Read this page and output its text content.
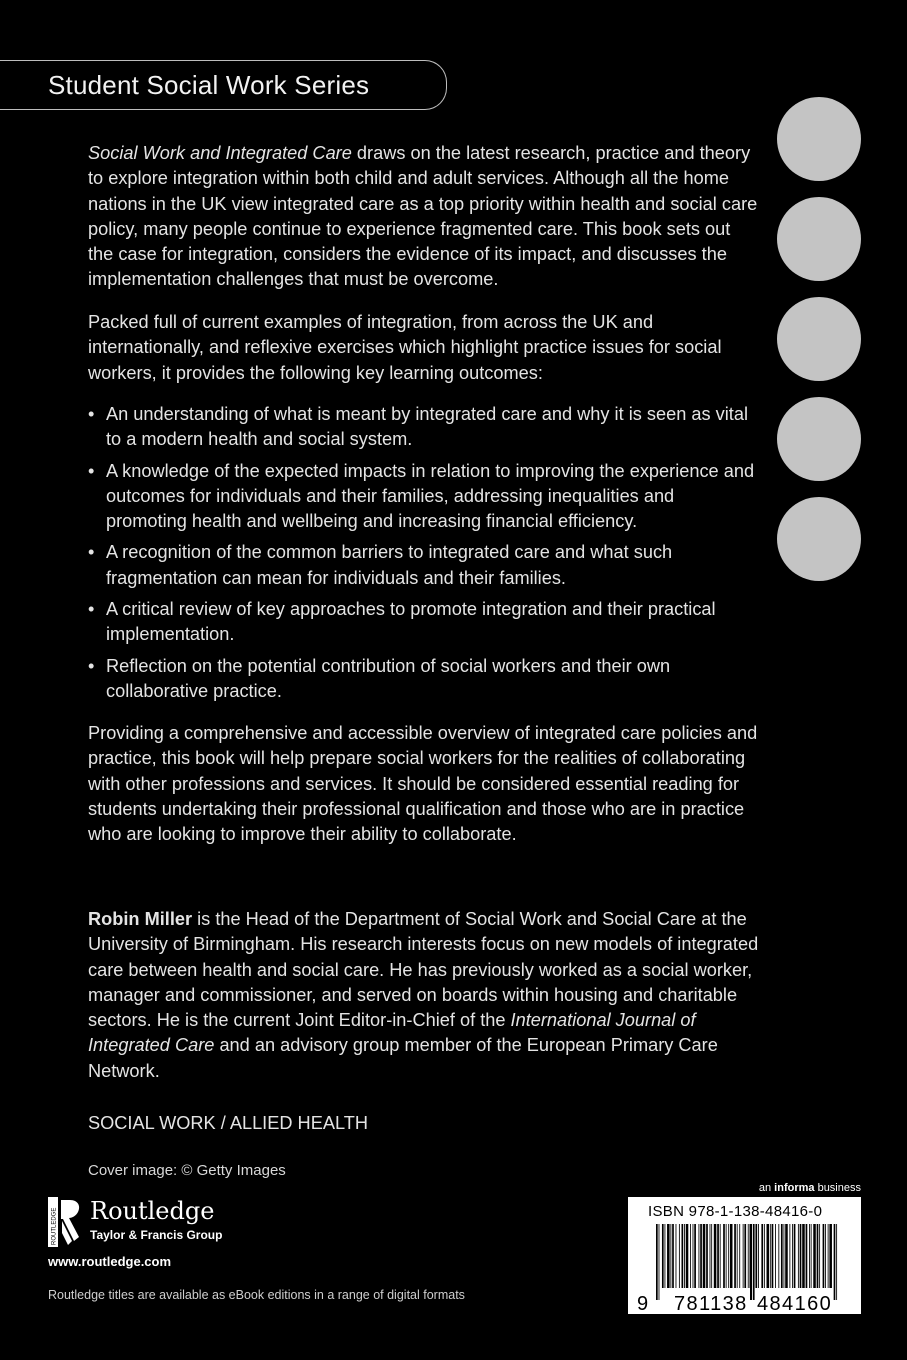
Student Social Work Series

Social Work and Integrated Care draws on the latest research, practice and theory to explore integration within both child and adult services. Although all the home nations in the UK view integrated care as a top priority within health and social care policy, many people continue to experience fragmented care. This book sets out the case for integration, considers the evidence of its impact, and discusses the implementation challenges that must be overcome.

Packed full of current examples of integration, from across the UK and internationally, and reflexive exercises which highlight practice issues for social workers, it provides the following key learning outcomes:

• An understanding of what is meant by integrated care and why it is seen as vital to a modern health and social system.
• A knowledge of the expected impacts in relation to improving the experience and outcomes for individuals and their families, addressing inequalities and promoting health and wellbeing and increasing financial efficiency.
• A recognition of the common barriers to integrated care and what such fragmentation can mean for individuals and their families.
• A critical review of key approaches to promote integration and their practical implementation.
• Reflection on the potential contribution of social workers and their own collaborative practice.

Providing a comprehensive and accessible overview of integrated care policies and practice, this book will help prepare social workers for the realities of collaborating with other professions and services. It should be considered essential reading for students undertaking their professional qualification and those who are in practice who are looking to improve their ability to collaborate.

Robin Miller is the Head of the Department of Social Work and Social Care at the University of Birmingham. His research interests focus on new models of integrated care between health and social care. He has previously worked as a social worker, manager and commissioner, and served on boards within housing and charitable sectors. He is the current Joint Editor-in-Chief of the International Journal of Integrated Care and an advisory group member of the European Primary Care Network.

SOCIAL WORK / ALLIED HEALTH
Cover image: © Getty Images
ROUTLEDGE Routledge
Taylor & Francis Group
www.routledge.com
Routledge titles are available as eBook editions in a range of digital formats
an informa business
ISBN 978-1-138-48416-0
9 781138 484160
